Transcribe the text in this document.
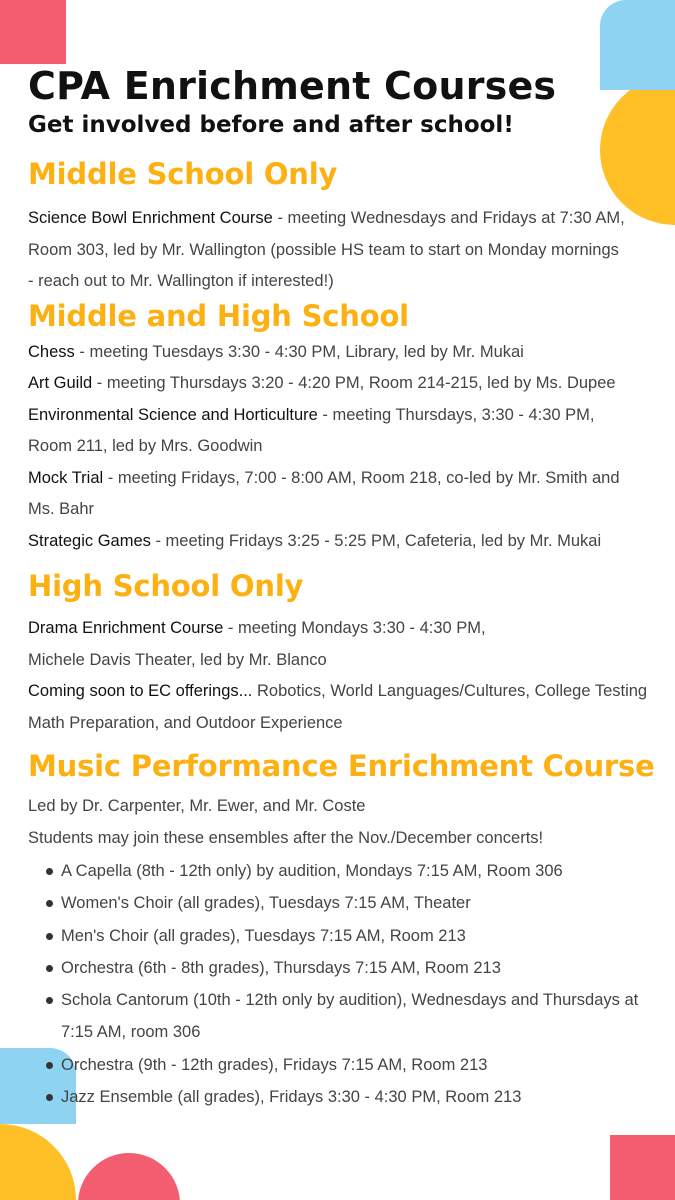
CPA Enrichment Courses
Get involved before and after school!
Middle School Only

Science Bowl Enrichment Course - meeting Wednesdays and Fridays at 7:30 AM, Room 303, led by Mr. Wallington (possible HS team to start on Monday mornings - reach out to Mr. Wallington if interested!)

Middle and High School

Chess - meeting Tuesdays 3:30 - 4:30 PM, Library, led by Mr. Mukai

Art Guild - meeting Thursdays 3:20 - 4:20 PM, Room 214-215, led by Ms. Dupee

Environmental Science and Horticulture - meeting Thursdays, 3:30 - 4:30 PM, Room 211, led by Mrs. Goodwin

Mock Trial - meeting Fridays, 7:00 - 8:00 AM, Room 218, co-led by Mr. Smith and Ms. Bahr

Strategic Games - meeting Fridays 3:25 - 5:25 PM, Cafeteria, led by Mr. Mukai

High School Only

Drama Enrichment Course - meeting Mondays 3:30 - 4:30 PM,

Michele Davis Theater, led by Mr. Blanco

Coming soon to EC offerings... Robotics, World Languages/Cultures, College Testing Math Preparation, and Outdoor Experience

Music Performance Enrichment Course

Led by Dr. Carpenter, Mr. Ewer, and Mr. Coste

Students may join these ensembles after the Nov./December concerts!

A Capella (8th - 12th only) by audition, Mondays 7:15 AM, Room 306
Women's Choir (all grades), Tuesdays 7:15 AM, Theater
Men's Choir (all grades), Tuesdays 7:15 AM, Room 213
Orchestra (6th - 8th grades), Thursdays 7:15 AM, Room 213
Schola Cantorum (10th - 12th only by audition), Wednesdays and Thursdays at 7:15 AM, room 306
Orchestra (9th - 12th grades), Fridays 7:15 AM, Room 213
Jazz Ensemble (all grades), Fridays 3:30 - 4:30 PM, Room 213
